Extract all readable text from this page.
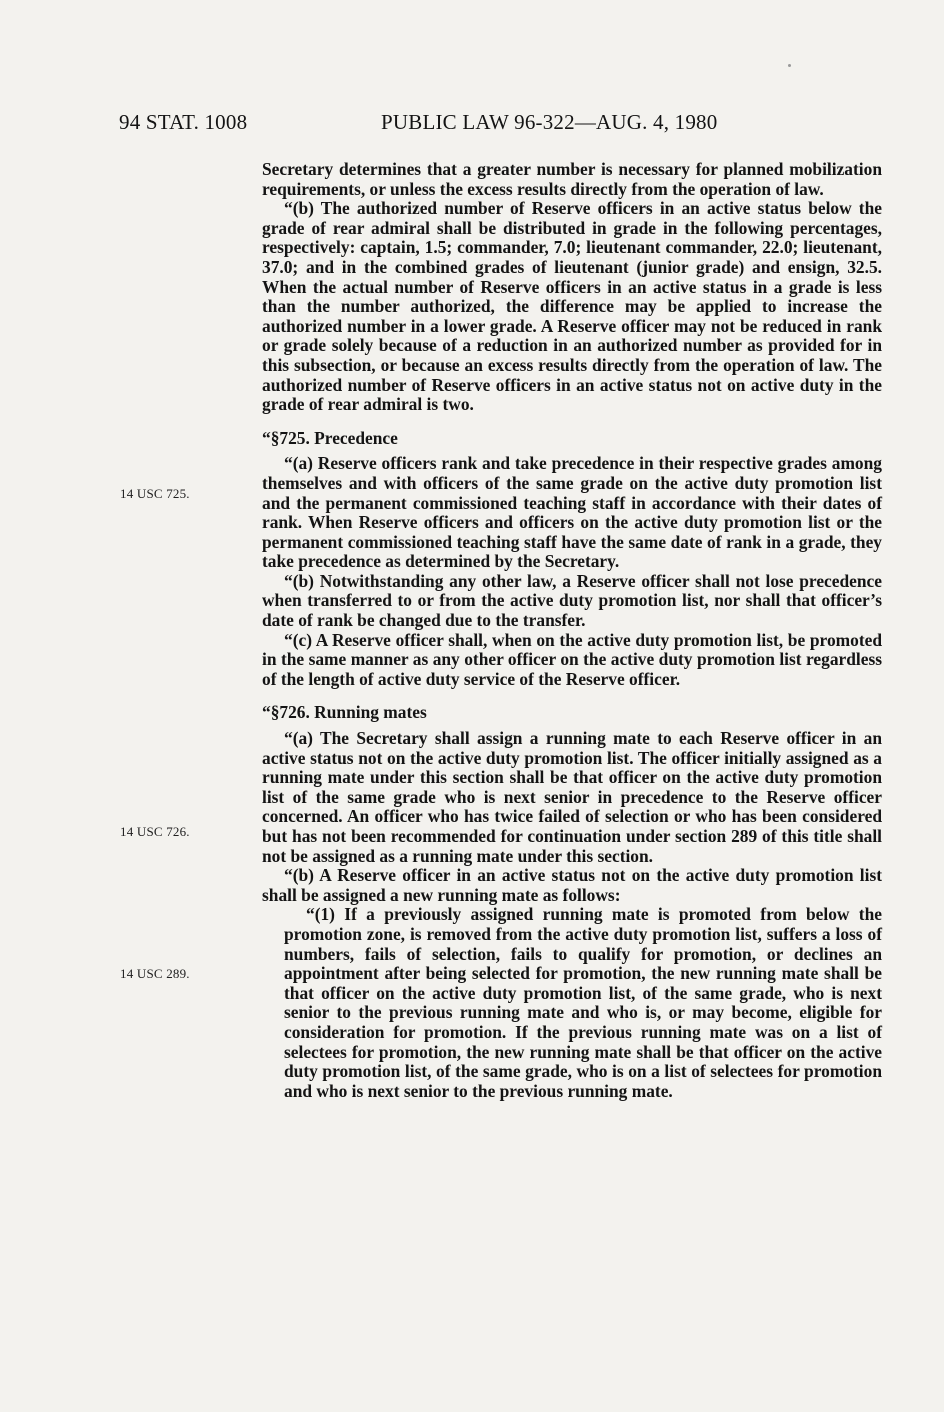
94 STAT. 1008	PUBLIC LAW 96-322—AUG. 4, 1980
14 USC 725.
14 USC 726.
14 USC 289.

Secretary determines that a greater number is necessary for planned mobilization requirements, or unless the excess results directly from the operation of law.

“(b) The authorized number of Reserve officers in an active status below the grade of rear admiral shall be distributed in grade in the following percentages, respectively: captain, 1.5; commander, 7.0; lieutenant commander, 22.0; lieutenant, 37.0; and in the combined grades of lieutenant (junior grade) and ensign, 32.5. When the actual number of Reserve officers in an active status in a grade is less than the number authorized, the difference may be applied to increase the authorized number in a lower grade. A Reserve officer may not be reduced in rank or grade solely because of a reduction in an authorized number as provided for in this subsection, or because an excess results directly from the operation of law. The authorized number of Reserve officers in an active status not on active duty in the grade of rear admiral is two.

“§725. Precedence

“(a) Reserve officers rank and take precedence in their respective grades among themselves and with officers of the same grade on the active duty promotion list and the permanent commissioned teaching staff in accordance with their dates of rank. When Reserve officers and officers on the active duty promotion list or the permanent commissioned teaching staff have the same date of rank in a grade, they take precedence as determined by the Secretary.

“(b) Notwithstanding any other law, a Reserve officer shall not lose precedence when transferred to or from the active duty promotion list, nor shall that officer’s date of rank be changed due to the transfer.

“(c) A Reserve officer shall, when on the active duty promotion list, be promoted in the same manner as any other officer on the active duty promotion list regardless of the length of active duty service of the Reserve officer.

“§726. Running mates

“(a) The Secretary shall assign a running mate to each Reserve officer in an active status not on the active duty promotion list. The officer initially assigned as a running mate under this section shall be that officer on the active duty promotion list of the same grade who is next senior in precedence to the Reserve officer concerned. An officer who has twice failed of selection or who has been considered but has not been recommended for continuation under section 289 of this title shall not be assigned as a running mate under this section.

“(b) A Reserve officer in an active status not on the active duty promotion list shall be assigned a new running mate as follows:

“(1) If a previously assigned running mate is promoted from below the promotion zone, is removed from the active duty promotion list, suffers a loss of numbers, fails of selection, fails to qualify for promotion, or declines an appointment after being selected for promotion, the new running mate shall be that officer on the active duty promotion list, of the same grade, who is next senior to the previous running mate and who is, or may become, eligible for consideration for promotion. If the previous running mate was on a list of selectees for promotion, the new running mate shall be that officer on the active duty promotion list, of the same grade, who is on a list of selectees for promotion and who is next senior to the previous running mate.
